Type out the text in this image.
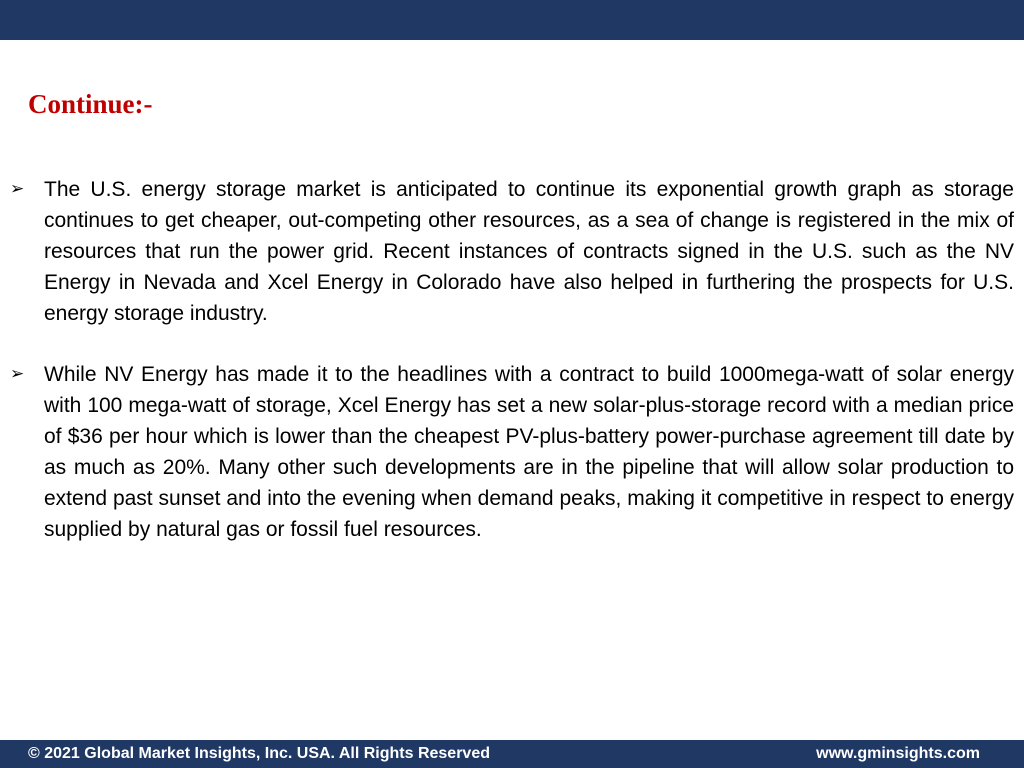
Continue:-
➢ The U.S. energy storage market is anticipated to continue its exponential growth graph as storage continues to get cheaper, out-competing other resources, as a sea of change is registered in the mix of resources that run the power grid. Recent instances of contracts signed in the U.S. such as the NV Energy in Nevada and Xcel Energy in Colorado have also helped in furthering the prospects for U.S. energy storage industry.

➢ While NV Energy has made it to the headlines with a contract to build 1000mega-watt of solar energy with 100 mega-watt of storage, Xcel Energy has set a new solar-plus-storage record with a median price of $36 per hour which is lower than the cheapest PV-plus-battery power-purchase agreement till date by as much as 20%. Many other such developments are in the pipeline that will allow solar production to extend past sunset and into the evening when demand peaks, making it competitive in respect to energy supplied by natural gas or fossil fuel resources.

© 2021 Global Market Insights, Inc. USA. All Rights Reserved	www.gminsights.com
